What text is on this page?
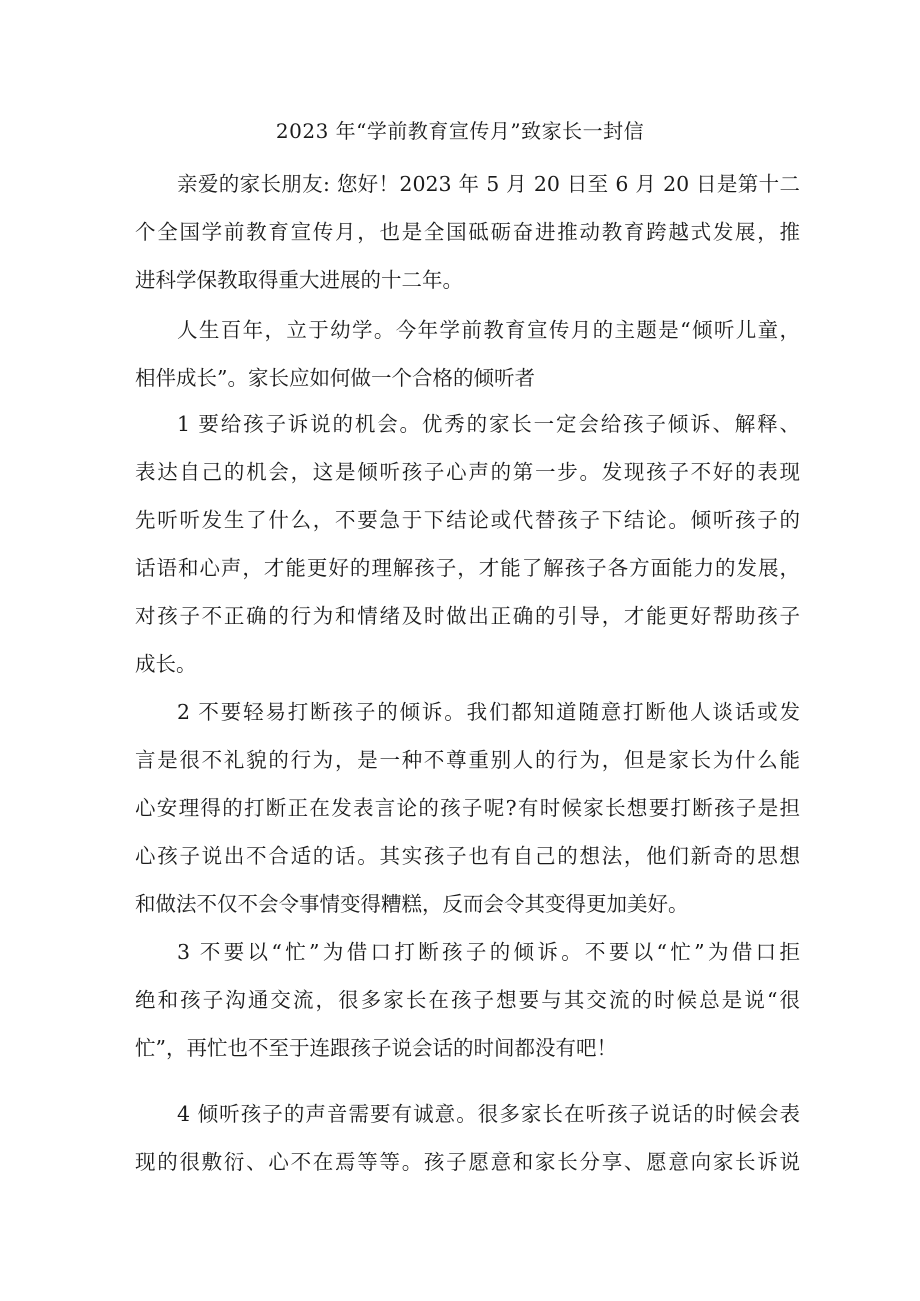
2023 年“学前教育宣传月”致家长一封信
亲爱的家长朋友: 您好！2023 年 5 月 20 日至 6 月 20 日是第十二
个全国学前教育宣传月，也是全国砥砺奋进推动教育跨越式发展，推
进科学保教取得重大进展的十二年。
人生百年，立于幼学。今年学前教育宣传月的主题是“倾听儿童，
相伴成长”。家长应如何做一个合格的倾听者
1 要给孩子诉说的机会。优秀的家长一定会给孩子倾诉、解释、
表达自己的机会，这是倾听孩子心声的第一步。发现孩子不好的表现
先听听发生了什么，不要急于下结论或代替孩子下结论。倾听孩子的
话语和心声，才能更好的理解孩子，才能了解孩子各方面能力的发展，
对孩子不正确的行为和情绪及时做出正确的引导，才能更好帮助孩子
成长。
2 不要轻易打断孩子的倾诉。我们都知道随意打断他人谈话或发
言是很不礼貌的行为，是一种不尊重别人的行为，但是家长为什么能
心安理得的打断正在发表言论的孩子呢?有时候家长想要打断孩子是担
心孩子说出不合适的话。其实孩子也有自己的想法，他们新奇的思想
和做法不仅不会令事情变得糟糕，反而会令其变得更加美好。
3 不要以“忙”为借口打断孩子的倾诉。不要以“忙”为借口拒
绝和孩子沟通交流，很多家长在孩子想要与其交流的时候总是说“很
忙”，再忙也不至于连跟孩子说会话的时间都没有吧！
4 倾听孩子的声音需要有诚意。很多家长在听孩子说话的时候会表
现的很敷衍、心不在焉等等。孩子愿意和家长分享、愿意向家长诉说
